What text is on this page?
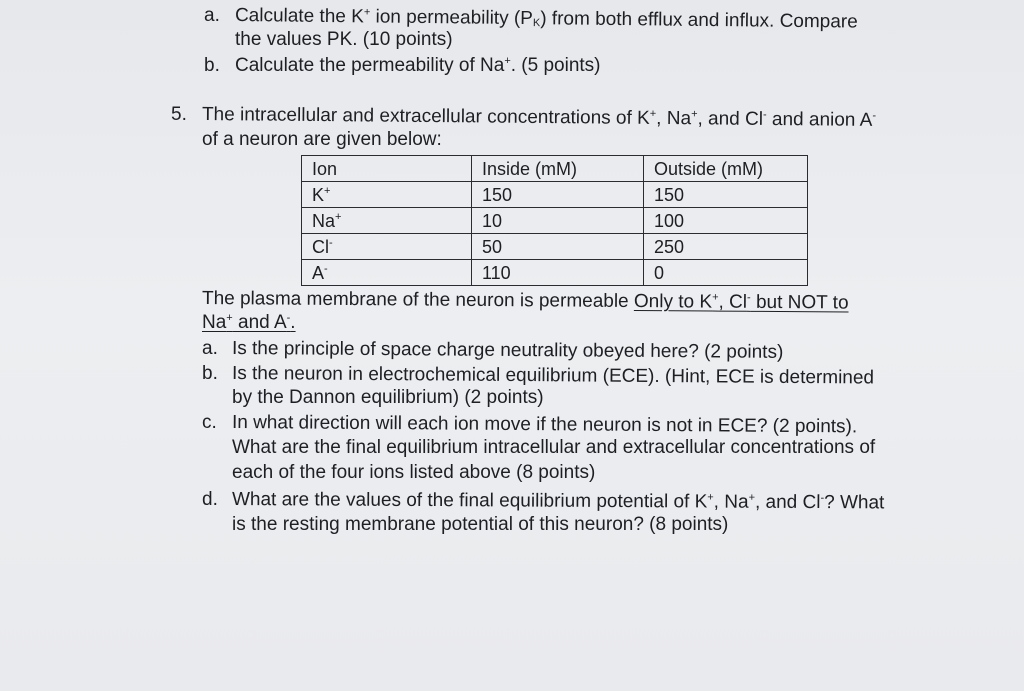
a. Calculate the K+ ion permeability $(P_K)$ from both efflux and influx. Compare
the values PK. (10 points)
b. Calculate the permeability of Na+. (5 points)
5. The intracellular and extracellular concentrations of K+, Na+, and Cl- and anion A-
of a neuron are given below:
Ion	Inside (mM)	Outside (mM)
K+	150	150
Na+	10	100
Cl-	50	250
A-	110	0
The plasma membrane of the neuron is permeable Only to K+, Cl- but NOT to
Na+ and A-.
a. Is the principle of space charge neutrality obeyed here? (2 points)
b. Is the neuron in electrochemical equilibrium (ECE). (Hint, ECE is determined
by the Dannon equilibrium) (2 points)
c. In what direction will each ion move if the neuron is not in ECE? (2 points).
What are the final equilibrium intracellular and extracellular concentrations of
each of the four ions listed above (8 points)
d. What are the values of the final equilibrium potential of K+, Na+, and Cl-? What
is the resting membrane potential of this neuron? (8 points)
